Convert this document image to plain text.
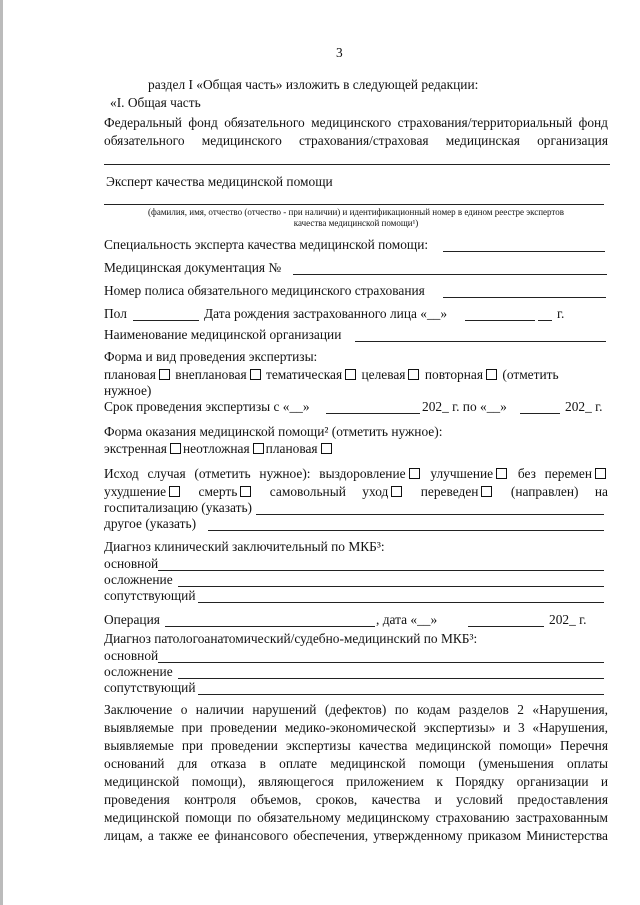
3
раздел I «Общая часть» изложить в следующей редакции:
«I. Общая часть
Федеральный фонд обязательного медицинского страхования/территориальный фонд
обязательного медицинского страхования/страховая медицинская организация
Эксперт качества медицинской помощи
(фамилия, имя, отчество (отчество - при наличии) и идентификационный номер в едином реестре экспертов
качества медицинской помощи¹)
Специальность эксперта качества медицинской помощи:
Медицинская документация №
Номер полиса обязательного медицинского страхования
Пол	Дата рождения застрахованного лица «__»	г.
Наименование медицинской организации
Форма и вид проведения экспертизы:
плановая внеплановая тематическая целевая повторная (отметить
нужное)
Срок проведения экспертизы с «__»	202_ г. по «__»	202_ г.
Форма оказания медицинской помощи² (отметить нужное):
экстренная неотложная плановая
Исход случая (отметить нужное): выздоровление улучшение без перемен
ухудшение смерть самовольный уход переведен (направлен) на
госпитализацию (указать)
другое (указать)
Диагноз клинический заключительный по МКБ³:
основной
осложнение
сопутствующий
Операция	, дата «__»	202_ г.
Диагноз патологоанатомический/судебно-медицинский по МКБ³:
основной
осложнение
сопутствующий
Заключение о наличии нарушений (дефектов) по кодам разделов 2 «Нарушения,
выявляемые при проведении медико-экономической экспертизы» и 3 «Нарушения,
выявляемые при проведении экспертизы качества медицинской помощи» Перечня
оснований для отказа в оплате медицинской помощи (уменьшения оплаты
медицинской помощи), являющегося приложением к Порядку организации и
проведения контроля объемов, сроков, качества и условий предоставления
медицинской помощи по обязательному медицинскому страхованию застрахованным
лицам, а также ее финансового обеспечения, утвержденному приказом Министерства
